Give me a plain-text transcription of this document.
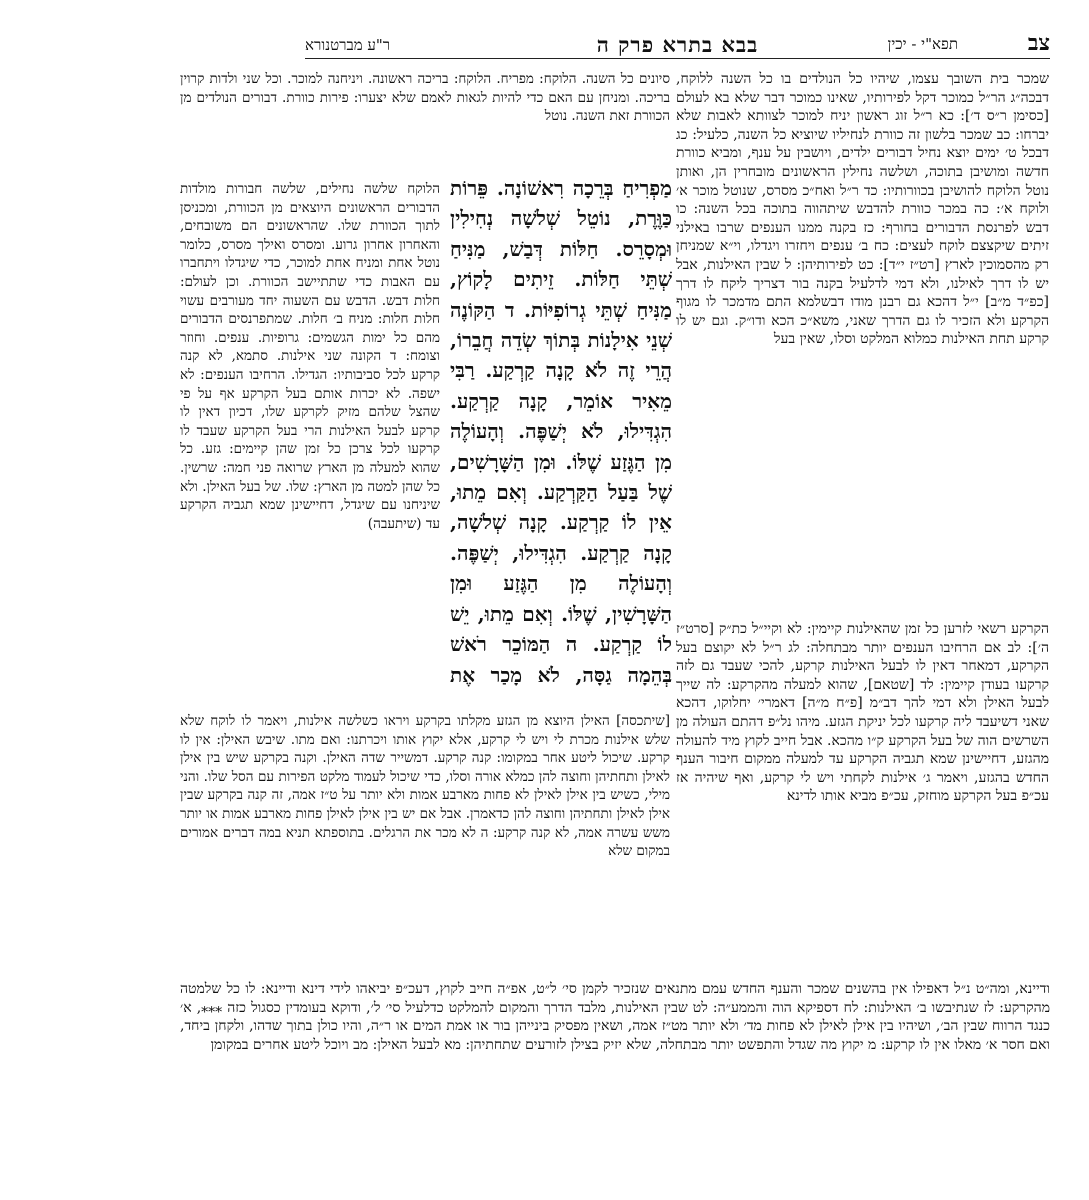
צב
תפא"י - יכין
בבא בתרא פרק ה
ר"ע מברטנורא

שמכר בית השובך עצמו, שיהיו כל הנולדים בו כל השנה ללוקח, דבכה״ג הר״ל כמוכר דקל לפירותיו, שאינו כמוכר דבר שלא בא לעולם [כסימן ר״ס ד׳]: כא ר״ל זוג ראשון יניח למוכר לצוותא לאבות שלא יברחו: כב שמכר בלשון זה כוורת לנחיליו שיוציא כל השנה, כלעיל: כג דבכל ט׳ ימים יוצא נחיל דבורים ילדים, ויושבין על ענף, ומביא כוורת חדשה ומושיבן בתוכה, ושלשה נחילין הראשונים מובחרין הן, ואותן נוטל הלוקח להושיבן בכוורותיו: כד ר״ל ואח״כ מסרס, שנוטל מוכר א׳ ולוקח א׳: כה במכר כוורת להדבש שיתהווה בתוכה בכל השנה: כו דבש לפרנסת הדבורים בחורף: כז בקנה ממנו הענפים שרבו באילני זיתים שיקצצם לוקח לעצים: כח ב׳ ענפים ויחזרו ויגדלו, וי״א שמניחן רק מהסמוכין לארץ [רט״ז י״ד]: כט לפירותיהן: ל שבין האילנות, אבל יש לו דרך לאילנו, ולא דמי לדלעיל בקנה בור דצריך ליקח לו דרך [כפ״ד מ״ב] י״ל דהכא גם רבנן מודו דבשלמא התם מדמכר לו מגוף הקרקע ולא הזכיר לו גם הדרך שאני, משא״כ הכא ודו״ק. וגם יש לו קרקע תחת האילנות כמלוא המלקט וסלו, שאין בעל

סיונים כל השנה. הלוקח: מפריח. הלוקח: בריכה ראשונה. ויניחנה למוכר. וכל שני ולדות קרוין בריכה. ומניחן עם האם כדי להיות לגאות לאמם שלא יצערו: פירות כוורת. דבורים הנולדים מן הכוורת זאת השנה. נוטל

הלוקח שלשה נחילים, שלשה חבורות מולדות הדבורים הראשונים היוצאים מן הכוורת, ומכניסן לתוך הכוורת שלו. שהראשונים הם משובחים, והאחרון אחרון גרוע. ומסרס ואילך מסרס, כלומר נוטל אחת ומניח אחת למוכר, כדי שיגדלו ויתחברו עם האבות כדי שתתיישב הכוורת. וכן לעולם: חלות דבש. הדבש עם השעוה יחד מעורבים עשוי חלות חלות: מניח ב׳ חלות. שמתפרנסים הדבורים מהם כל ימות הגשמים: גרופיות. ענפים. וחוזר וצומח: ד הקונה שני אילנות. סתמא, לא קנה קרקע לכל סביבותיו: הגדילו. הרחיבו הענפים: לא ישפה. לא יכרות אותם בעל הקרקע אף על פי שהצל שלהם מזיק לקרקע שלו, דכיון דאין לו קרקע לבעל האילנות הרי בעל הקרקע שעבד לו קרקעו לכל צרכן כל זמן שהן קיימים: גזע. כל שהוא למעלה מן הארץ שרואה פני חמה: שרשין. כל שהן למטה מן הארץ: שלו. של בעל האילן. ולא שיניחנו עם שיגדל, דחיישינן שמא תגביה הקרקע עד (שיתעבה)

מַפְרִיחַ בְּרֵכָה רִאשׁוֹנָה. פֵּרוֹת כַּוֶּרֶת, נוֹטֵל שְׁלשָׁה נְחִילִין וּמְסָרֵס. חַלּוֹת דְּבַשׁ, מַנִּיחַ שְׁתֵּי חַלּוֹת. זֵיתִים לָקוֹץ, מַנִּיחַ שְׁתֵּי גְרוֹפִיּוֹת. ד הַקּוֹנֶה שְׁנֵי אִילָנוֹת בְּתוֹךְ שְׂדֵה חֲבֵרוֹ, הֲרֵי זֶה לֹא קָנָה קַרְקַע. רַבִּי מֵאִיר אוֹמֵר, קָנָה קַרְקַע. הִגְדִּילוּ, לֹא יְשַׁפֶּה. וְהָעוֹלֶה מִן הַגֶּזַע שֶׁלּוֹ. וּמִן הַשָּׁרָשִׁים, שֶׁל בַּעַל הַקַּרְקַע. וְאִם מֵתוּ, אֵין לוֹ קַרְקַע. קָנָה שְׁלשָׁה, קָנָה קַרְקַע. הִגְדִּילוּ, יְשַׁפֶּה. וְהָעוֹלֶה מִן הַגֶּזַע וּמִן הַשָּׁרָשִׁין, שֶׁלּוֹ. וְאִם מֵתוּ, יֵשׁ לוֹ קַרְקַע. ה הַמּוֹכֵר רֹאשׁ בְּהֵמָה גַסָּה, לֹא מָכַר אֶת

הקרקע רשאי לזרען כל זמן שהאילנות קיימין: לא וקיי״ל כת״ק [סרט״ז ה׳]: לב אם הרחיבו הענפים יותר מבתחלה: לג ר״ל לא יקוצם בעל הקרקע, דמאחר דאין לו לבעל האילנות קרקע, להכי שעבד גם לזה קרקעו בעודן קיימין: לד [שטאם], שהוא למעלה מהקרקע: לה שייך לבעל האילן ולא דמי להך דב״מ [פ״ח מ״ה] דאמרי׳ יחלוקו, דהכא שאני דשיעבד ליה קרקעו לכל יניקת הגזע. מיהו נל״פ דהתם העולה מן השרשים הוה של בעל הקרקע ק״ו מהכא. אבל חייב לקוץ מיד להעולה מהגזע, דחיישינן שמא תגביה הקרקע עד למעלה ממקום חיבור הענף החדש בהגזע, ויאמר ג׳ אילנות לקחתי ויש לי קרקע, ואף שיהיה אז עכ״פ בעל הקרקע מוחזק, עכ״פ מביא אותו לדינא

[שיתכסה] האילן היוצא מן הגזע מקלתו בקרקע ויראו כשלשה אילנות, ויאמר לו לוקח שלא שלש אילנות מכרת לי ויש לי קרקע, אלא יקוץ אותו ויכרתנו: ואם מתו. שיבש האילן: אין לו קרקע. שיכול ליטע אחר במקומו: קנה קרקע. דמשייר שדה האילן. וקנה בקרקע שיש בין אילן לאילן ותחתיהן וחוצה להן כמלא אורה וסלו, כדי שיכול לעמוד מלקט הפירות עם הסל שלו. והני מילי, כשיש בין אילן לאילן לא פחות מארבע אמות ולא יותר על ט״ז אמה, זה קנה בקרקע שבין אילן לאילן ותחתיהן וחוצה להן כדאמרן. אבל אם יש בין אילן לאילן פחות מארבע אמות או יותר משש עשרה אמה, לא קנה קרקע: ה לא מכר את הרגלים. בתוספתא תניא במה דברים אמורים במקום שלא

ודיינא, ומה״ט נ״ל דאפילו אין בהשנים שמכר והענף החדש עמם מתנאים שנזכיר לקמן סי׳ ל״ט, אפ״ה חייב לקוץ, דעכ״פ יביאהו לידי דינא ודיינא: לו כל שלמטה מהקרקע: לז שנתיבשו ב׳ האילנות: לח דספיקא הוה והממע״ה: לט שבין האילנות, מלבד הדרך והמקום להמלקט כדלעיל סי׳ ל׳, ודוקא בעומדין כסגול כזה ⁎⁎⁎, א׳ כנגד הרווח שבין הב׳, ושיהיו בין אילן לאילן לא פחות מד׳ ולא יותר מט״ז אמה, ושאין מפסיק בינייהן בור או אמת המים או ר״ה, והיו כולן בתוך שדהו, ולקחן ביחד, ואם חסר א׳ מאלו אין לו קרקע: מ יקוץ מה שגדל והתפשט יותר מבתחלה, שלא יזיק בצילן לזורעים שתחתיהן: מא לבעל האילן: מב ויוכל ליטע אחרים במקומן
